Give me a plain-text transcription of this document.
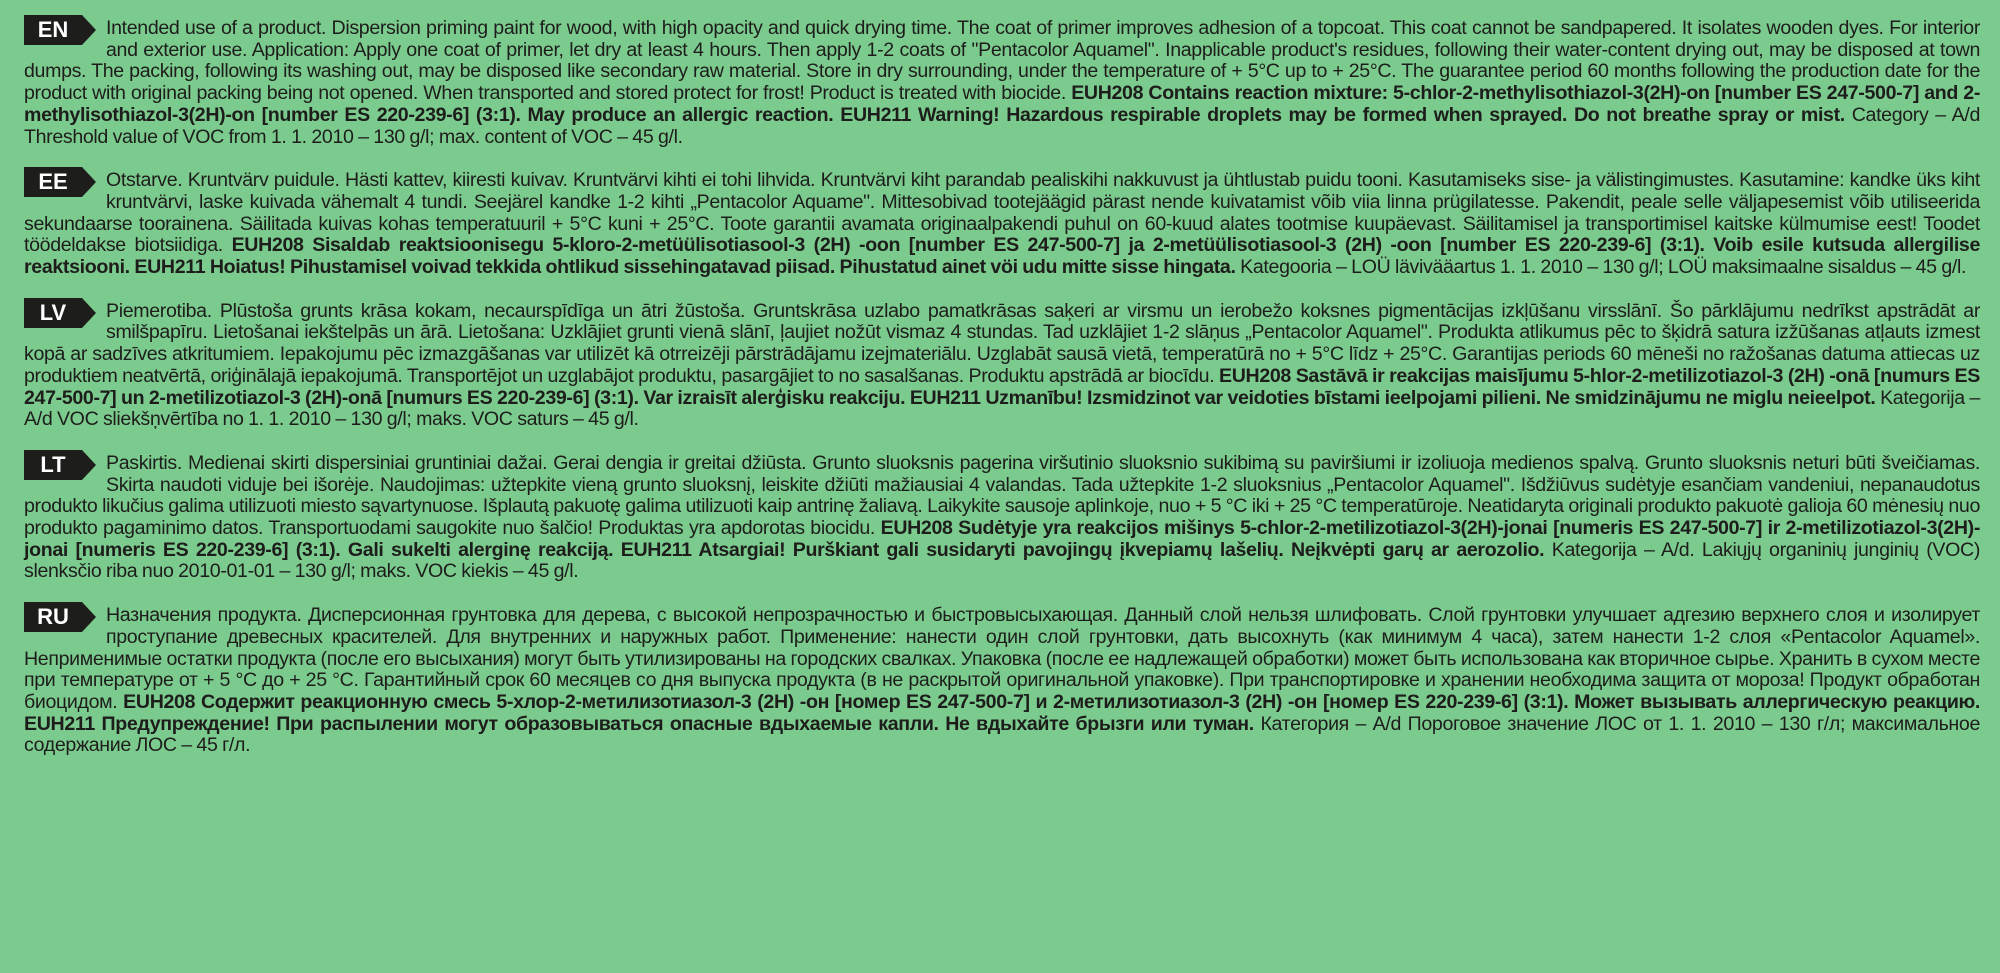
EN	Intended use of a product. Dispersion priming paint for wood, with high opacity and quick drying time. The coat of primer improves adhesion of a topcoat. This coat cannot be sandpapered. It isolates wooden dyes. For interior and exterior use. Application: Apply one coat of primer, let dry at least 4 hours. Then apply 1-2 coats of "Pentacolor Aquamel". Inapplicable product's residues, following their water-content drying out, may be disposed at town dumps. The packing, following its washing out, may be disposed like secondary raw material. Store in dry surrounding, under the temperature of + 5°C up to + 25°C. The guarantee period 60 months following the production date for the product with original packing being not opened. When transported and stored protect for frost! Product is treated with biocide. EUH208 Contains reaction mixture: 5-chlor-2-methylisothiazol-3(2H)-on [number ES 247-500-7] and 2-methylisothiazol-3(2H)-on [number ES 220-239-6] (3:1). May produce an allergic reaction. EUH211 Warning! Hazardous respirable droplets may be formed when sprayed. Do not breathe spray or mist. Category – A/d Threshold value of VOC from 1. 1. 2010 – 130 g/l; max. content of VOC – 45 g/l.
EE	Otstarve. Kruntvärv puidule. Hästi kattev, kiiresti kuivav. Kruntvärvi kihti ei tohi lihvida. Kruntvärvi kiht parandab pealiskihi nakkuvust ja ühtlustab puidu tooni. Kasutamiseks sise- ja välistingimustes. Kasutamine: kandke üks kiht kruntvärvi, laske kuivada vähemalt 4 tundi. Seejärel kandke 1-2 kihti „Pentacolor Aquame". Mittesobivad tootejäägid pärast nende kuivatamist võib viia linna prügilatesse. Pakendit, peale selle väljapesemist võib utiliseerida sekundaarse toorainena. Säilitada kuivas kohas temperatuuril + 5°C kuni + 25°C. Toote garantii avamata originaalpakendi puhul on 60-kuud alates tootmise kuupäevast. Säilitamisel ja transportimisel kaitske külmumise eest! Toodet töödeldakse biotsiidiga. EUH208 Sisaldab reaktsioonisegu 5-kloro-2-metüülisotiasool-3 (2H) -oon [number ES 247-500-7] ja 2-metüülisotiasool-3 (2H) -oon [number ES 220-239-6] (3:1). Voib esile kutsuda allergilise reaktsiooni. EUH211 Hoiatus! Pihustamisel voivad tekkida ohtlikud sissehingatavad piisad. Pihustatud ainet vöi udu mitte sisse hingata. Kategooria – LOÜ lävivääartus 1. 1. 2010 – 130 g/l; LOÜ maksimaalne sisaldus – 45 g/l.
LV	Piemerotiba. Plūstoša grunts krāsa kokam, necaurspīdīga un ātri žūstoša. Gruntskrāsa uzlabo pamatkrāsas saķeri ar virsmu un ierobežo koksnes pigmentācijas izkļūšanu virsslānī. Šo pārklājumu nedrīkst apstrādāt ar smilšpapīru. Lietošanai iekštelpās un ārā. Lietošana: Uzklājiet grunti vienā slānī, ļaujiet nožūt vismaz 4 stundas. Tad uzklājiet 1-2 slāņus „Pentacolor Aquamel". Produkta atlikumus pēc to šķidrā satura izžūšanas atļauts izmest kopā ar sadzīves atkritumiem. Iepakojumu pēc izmazgāšanas var utilizēt kā otrreizēji pārstrādājamu izejmateriālu. Uzglabāt sausā vietā, temperatūrā no + 5°C līdz + 25°C. Garantijas periods 60 mēneši no ražošanas datuma attiecas uz produktiem neatvērtā, oriģinālajā iepakojumā. Transportējot un uzglabājot produktu, pasargājiet to no sasalšanas. Produktu apstrādā ar biocīdu. EUH208 Sastāvā ir reakcijas maisījumu 5-hlor-2-metilizotiazol-3 (2H) -onā [numurs ES 247-500-7] un 2-metilizotiazol-3 (2H)-onā [numurs ES 220-239-6] (3:1). Var izraisīt alerģisku reakciju. EUH211 Uzmanību! Izsmidzinot var veidoties bīstami ieelpojami pilieni. Ne smidzinājumu ne miglu neieelpot. Kategorija – A/d VOC sliekšņvērtība no 1. 1. 2010 – 130 g/l; maks. VOC saturs – 45 g/l.
LT	Paskirtis. Medienai skirti dispersiniai gruntiniai dažai. Gerai dengia ir greitai džiūsta. Grunto sluoksnis pagerina viršutinio sluoksnio sukibimą su paviršiumi ir izoliuoja medienos spalvą. Grunto sluoksnis neturi būti šveičiamas. Skirta naudoti viduje bei išorėje. Naudojimas: užtepkite vieną grunto sluoksnį, leiskite džiūti mažiausiai 4 valandas. Tada užtepkite 1-2 sluoksnius „Pentacolor Aquamel". Išdžiūvus sudėtyje esančiam vandeniui, nepanaudotus produkto likučius galima utilizuoti miesto sąvartynuose. Išplautą pakuotę galima utilizuoti kaip antrinę žaliavą. Laikykite sausoje aplinkoje, nuo + 5 °C iki + 25 °C temperatūroje. Neatidaryta originali produkto pakuotė galioja 60 mėnesių nuo produkto pagaminimo datos. Transportuodami saugokite nuo šalčio! Produktas yra apdorotas biocidu. EUH208 Sudėtyje yra reakcijos mišinys 5-chlor-2-metilizotiazol-3(2H)-jonai [numeris ES 247-500-7] ir 2-metilizotiazol-3(2H)-jonai [numeris ES 220-239-6] (3:1). Gali sukelti alerginę reakciją. EUH211 Atsargiai! Purškiant gali susidaryti pavojingų įkvepiamų lašelių. Neįkvėpti garų ar aerozolio. Kategorija – A/d. Lakiųjų organinių junginių (VOC) slenksčio riba nuo 2010-01-01 – 130 g/l; maks. VOC kiekis – 45 g/l.
RU	Назначения продукта. Дисперсионная грунтовка для дерева, с высокой непрозрачностью и быстровысыхающая. Данный слой нельзя шлифовать. Слой грунтовки улучшает адгезию верхнего слоя и изолирует проступание древесных красителей. Для внутренних и наружных работ. Применение: нанести один слой грунтовки, дать высохнуть (как минимум 4 часа), затем нанести 1-2 слоя «Pentacolor Aquamel». Неприменимые остатки продукта (после его высыхания) могут быть утилизированы на городских свалках. Упаковка (после ее надлежащей обработки) может быть использована как вторичное сырье. Хранить в сухом месте при температуре от + 5 °С до + 25 °С. Гарантийный срок 60 месяцев со дня выпуска продукта (в не раскрытой оригинальной упаковке). При транспортировке и хранении необходима защита от мороза! Продукт обработан биоцидом. EUH208 Содержит реакционную смесь 5-хлор-2-метилизотиазол-3 (2H) -он [номер ES 247-500-7] и 2-метилизотиазол-3 (2H) -он [номер ES 220-239-6] (3:1). Может вызывать аллергическую реакцию. EUH211 Предупреждение! При распылении могут образовываться опасные вдыхаемые капли. Не вдыхайте брызги или туман. Категория – A/d Пороговое значение ЛОС от 1. 1. 2010 – 130 г/л; максимальное содержание ЛОС – 45 г/л.
